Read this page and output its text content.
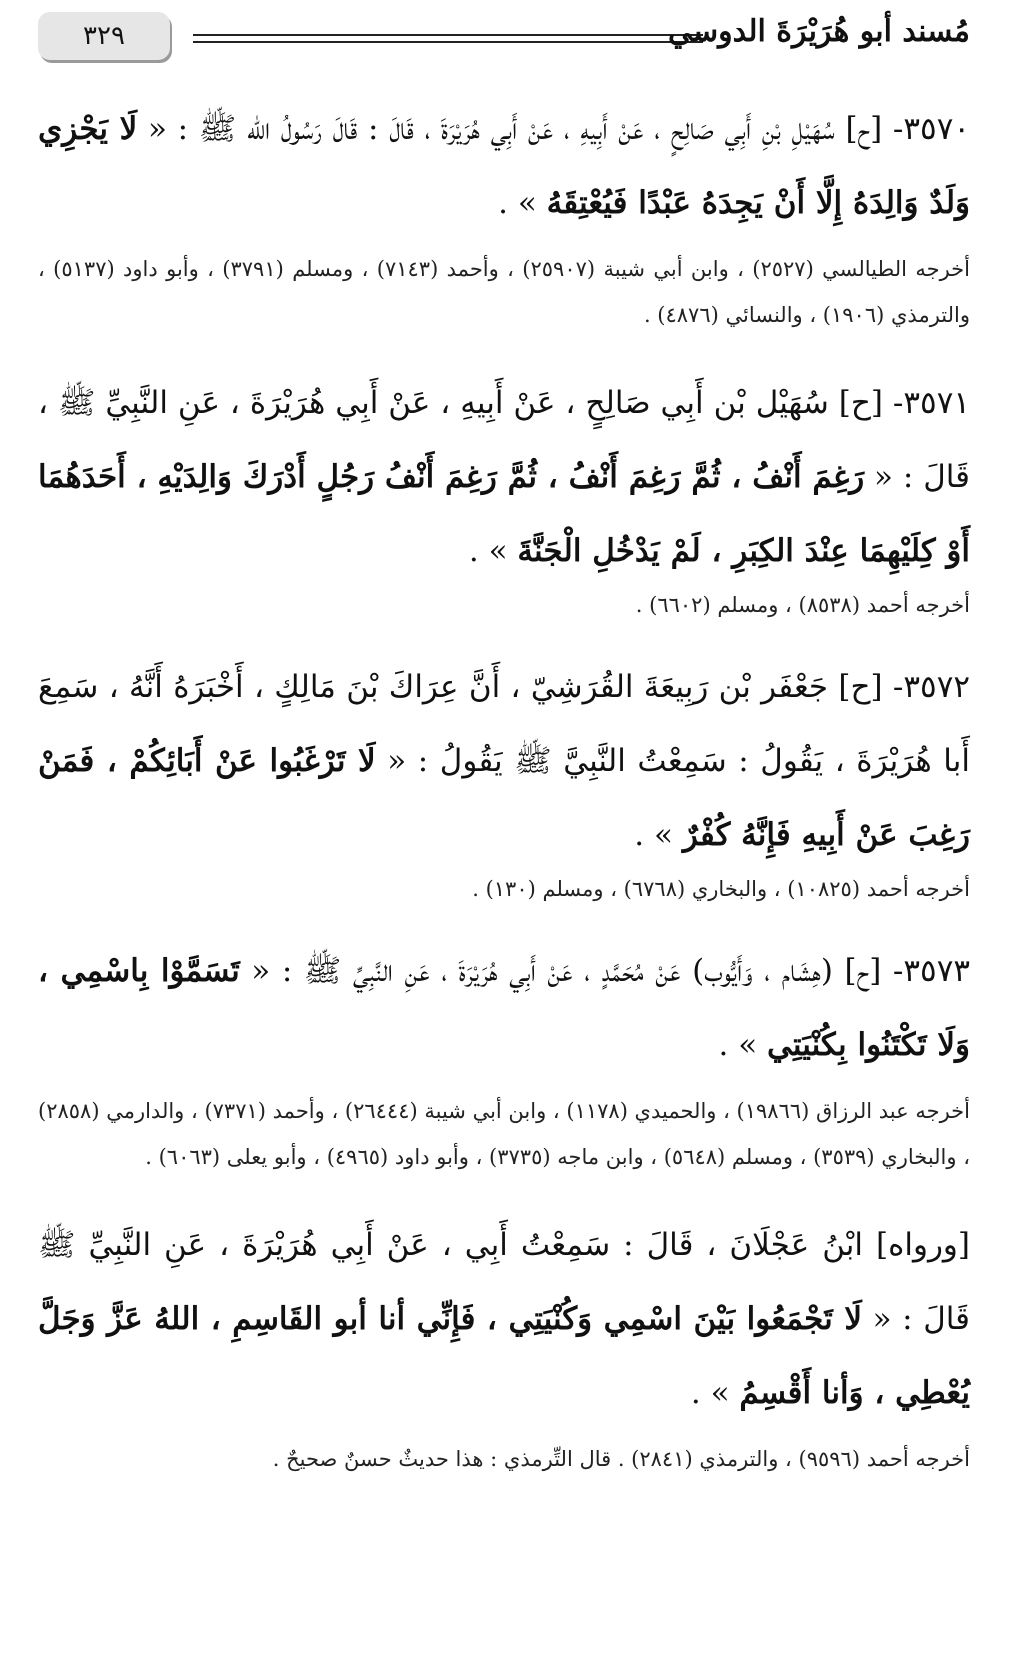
٣٢٩	مُسند أبو هُرَيْرَةَ الدوسي

٣٥٧٠- [ح] سُهَيْلِ بْنِ أَبِي صَالِحٍ ، عَنْ أَبِيهِ ، عَنْ أَبِي هُرَيْرَةَ ، قَالَ : قَالَ رَسُولُ الله ﷺ : « لَا يَجْزِي وَلَدٌ وَالِدَهُ إِلَّا أَنْ يَجِدَهُ عَبْدًا فَيُعْتِقَهُ » .

أخرجه الطيالسي (٢٥٢٧) ، وابن أبي شيبة (٢٥٩٠٧) ، وأحمد (٧١٤٣) ، ومسلم (٣٧٩١) ، وأبو داود (٥١٣٧) ، والترمذي (١٩٠٦) ، والنسائي (٤٨٧٦) .

٣٥٧١- [ح] سُهَيْل بْن أَبِي صَالِحٍ ، عَنْ أَبِيهِ ، عَنْ أَبِي هُرَيْرَةَ ، عَنِ النَّبِيِّ ﷺ ، قَالَ : « رَغِمَ أَنْفُ ، ثُمَّ رَغِمَ أَنْفُ ، ثُمَّ رَغِمَ أَنْفُ رَجُلٍ أَدْرَكَ وَالِدَيْهِ ، أَحَدَهُمَا أَوْ كِلَيْهِمَا عِنْدَ الكِبَرِ ، لَمْ يَدْخُلِ الْجَنَّةَ » .

أخرجه أحمد (٨٥٣٨) ، ومسلم (٦٦٠٢) .

٣٥٧٢- [ح] جَعْفَر بْن رَبِيعَةَ القُرَشِيّ ، أَنَّ عِرَاكَ بْنَ مَالِكٍ ، أَخْبَرَهُ أَنَّهُ ، سَمِعَ أَبا هُرَيْرَةَ ، يَقُولُ : سَمِعْتُ النَّبِيَّ ﷺ يَقُولُ : « لَا تَرْغَبُوا عَنْ أَبَائِكُمْ ، فَمَنْ رَغِبَ عَنْ أَبِيهِ فَإِنَّهُ كُفْرٌ » .

أخرجه أحمد (١٠٨٢٥) ، والبخاري (٦٧٦٨) ، ومسلم (١٣٠) .

٣٥٧٣- [ح] (هِشَام ، وَأَيُّوب) عَنْ مُحَمَّدٍ ، عَنْ أَبِي هُرَيْرَةَ ، عَنِ النَّبِيِّ ﷺ : « تَسَمَّوْا بِاسْمِي ، وَلَا تَكْتَنُوا بِكُنْيَتِي » .

أخرجه عبد الرزاق (١٩٨٦٦) ، والحميدي (١١٧٨) ، وابن أبي شيبة (٢٦٤٤٤) ، وأحمد (٧٣٧١) ، والدارمي (٢٨٥٨) ، والبخاري (٣٥٣٩) ، ومسلم (٥٦٤٨) ، وابن ماجه (٣٧٣٥) ، وأبو داود (٤٩٦٥) ، وأبو يعلى (٦٠٦٣) .

[ورواه] ابْنُ عَجْلَانَ ، قَالَ : سَمِعْتُ أَبِي ، عَنْ أَبِي هُرَيْرَةَ ، عَنِ النَّبِيِّ ﷺ قَالَ : « لَا تَجْمَعُوا بَيْنَ اسْمِي وَكُنْيَتِي ، فَإِنِّي أنا أبو القَاسِمِ ، اللهُ عَزَّ وَجَلَّ يُعْطِي ، وَأنا أَقْسِمُ » .

أخرجه أحمد (٩٥٩٦) ، والترمذي (٢٨٤١) . قال التِّرمذي : هذا حديثٌ حسنٌ صحيحٌ .
